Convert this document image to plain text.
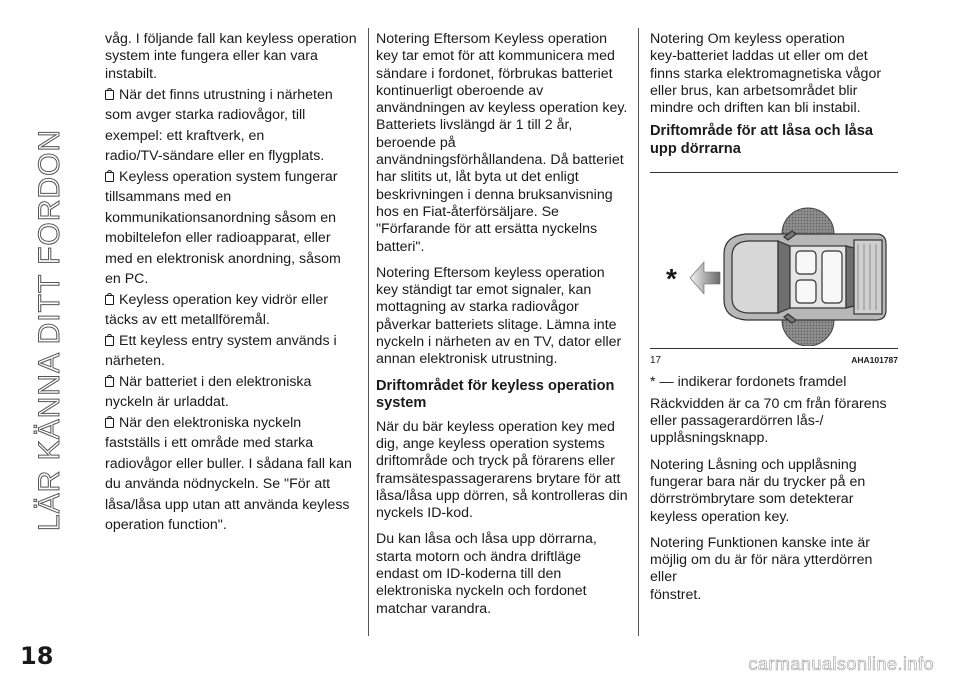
LÄR KÄNNA DITT FORDON
18

våg. I följande fall kan keyless operation
system inte fungera eller kan vara
instabilt.

När det finns utrustning i närheten
som avger starka radiovågor, till
exempel: ett kraftverk, en
radio/TV-sändare eller en flygplats.
Keyless operation system fungerar
tillsammans med en
kommunikationsanordning såsom en
mobiltelefon eller radioapparat, eller
med en elektronisk anordning, såsom
en PC.
Keyless operation key vidrör eller
täcks av ett metallföremål.
Ett keyless entry system används i
närheten.
När batteriet i den elektroniska
nyckeln är urladdat.
När den elektroniska nyckeln
fastställs i ett område med starka
radiovågor eller buller. I sådana fall kan
du använda nödnyckeln. Se "För att
låsa/låsa upp utan att använda keyless
operation function".

Notering Eftersom Keyless operation
key tar emot för att kommunicera med
sändare i fordonet, förbrukas batteriet
kontinuerligt oberoende av
användningen av keyless operation key.
Batteriets livslängd är 1 till 2 år,
beroende på
användningsförhållandena. Då batteriet
har slitits ut, låt byta ut det enligt
beskrivningen i denna bruksanvisning
hos en Fiat-återförsäljare. Se
"Förfarande för att ersätta nyckelns
batteri".

Notering Eftersom keyless operation
key ständigt tar emot signaler, kan
mottagning av starka radiovågor
påverkar batteriets slitage. Lämna inte
nyckeln i närheten av en TV, dator eller
annan elektronisk utrustning.

Driftområdet för keyless operation
system

När du bär keyless operation key med
dig, ange keyless operation systems
driftområde och tryck på förarens eller
framsätespassagerarens brytare för att
låsa/låsa upp dörren, så kontrolleras din
nyckels ID-kod.

Du kan låsa och låsa upp dörrarna,
starta motorn och ändra driftläge
endast om ID-koderna till den
elektroniska nyckeln och fordonet
matchar varandra.

Notering Om keyless operation
key-batteriet laddas ut eller om det
finns starka elektromagnetiska vågor
eller brus, kan arbetsområdet blir
mindre och driften kan bli instabil.

Driftområde för att låsa och låsa
upp dörrarna
*
17	AHA101787

* — indikerar fordonets framdel

Räckvidden är ca 70 cm från förarens
eller passagerardörren lås-/
upplåsningsknapp.

Notering Låsning och upplåsning
fungerar bara när du trycker på en
dörrströmbrytare som detekterar
keyless operation key.

Notering Funktionen kanske inte är
möjlig om du är för nära ytterdörren eller
fönstret.

carmanualsonline.info
